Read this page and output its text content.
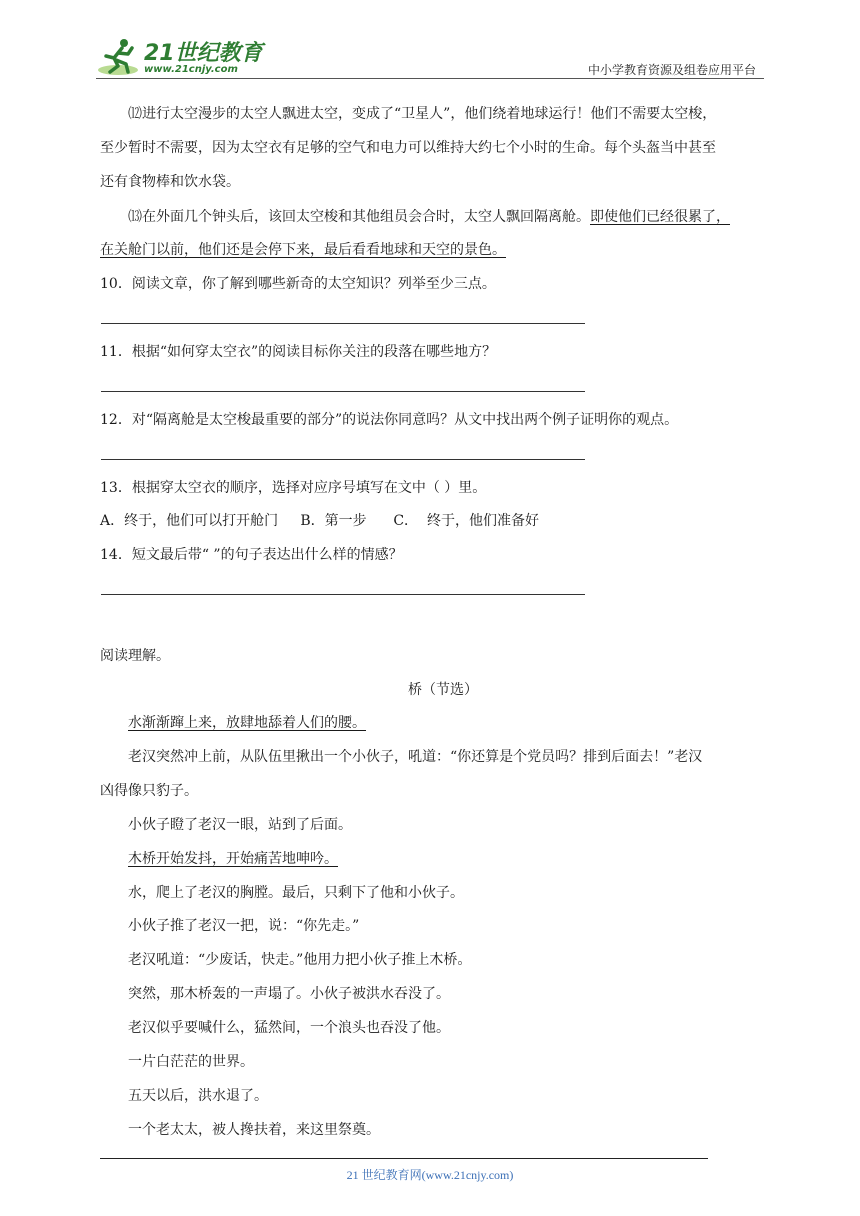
21世纪教育
www.21cnjy.com	中小学教育资源及组卷应用平台
⑿进行太空漫步的太空人飘进太空，变成了“卫星人”，他们绕着地球运行！他们不需要太空梭，
至少暂时不需要，因为太空衣有足够的空气和电力可以维持大约七个小时的生命。每个头盔当中甚至
还有食物棒和饮水袋。
⒀在外面几个钟头后，该回太空梭和其他组员会合时，太空人飘回隔离舱。即使他们已经很累了，
在关舱门以前，他们还是会停下来，最后看看地球和天空的景色。
10．阅读文章，你了解到哪些新奇的太空知识？列举至少三点。
11．根据“如何穿太空衣”的阅读目标你关注的段落在哪些地方？
12．对“隔离舱是太空梭最重要的部分”的说法你同意吗？从文中找出两个例子证明你的观点。
13．根据穿太空衣的顺序，选择对应序号填写在文中（ ）里。
A．终于，他们可以打开舱门     B．第一步      C．  终于，他们准备好
14．短文最后带“ ”的句子表达出什么样的情感？
阅读理解。
桥（节选）
水渐渐蹿上来，放肆地舔着人们的腰。
老汉突然冲上前，从队伍里揪出一个小伙子，吼道：“你还算是个党员吗？排到后面去！”老汉
凶得像只豹子。
小伙子瞪了老汉一眼，站到了后面。
木桥开始发抖，开始痛苦地呻吟。
水，爬上了老汉的胸膛。最后，只剩下了他和小伙子。
小伙子推了老汉一把，说：“你先走。”
老汉吼道：“少废话，快走。”他用力把小伙子推上木桥。
突然，那木桥轰的一声塌了。小伙子被洪水吞没了。
老汉似乎要喊什么，猛然间，一个浪头也吞没了他。
一片白茫茫的世界。
五天以后，洪水退了。
一个老太太，被人搀扶着，来这里祭奠。
21 世纪教育网(www.21cnjy.com)
